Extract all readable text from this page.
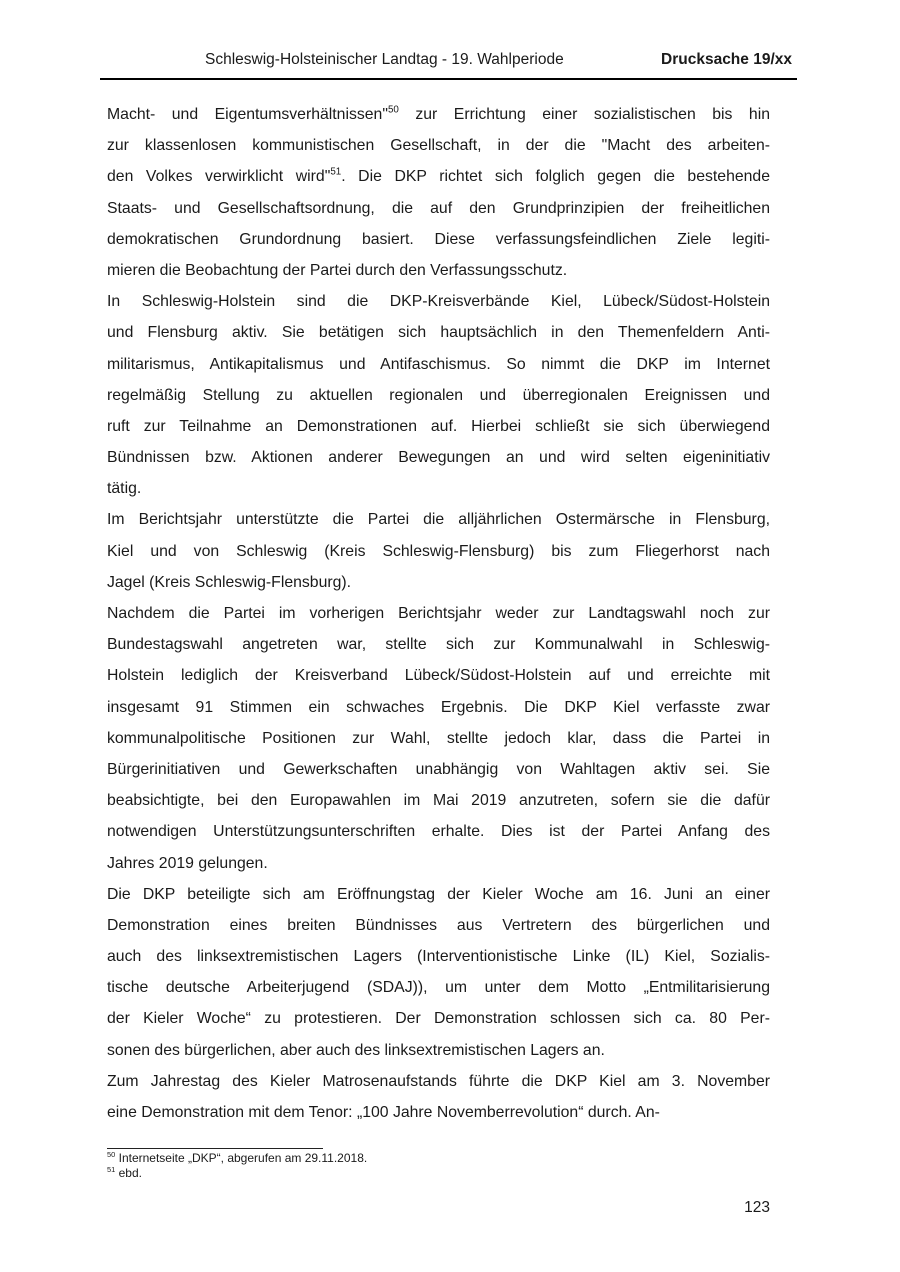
Schleswig-Holsteinischer Landtag - 19. Wahlperiode	Drucksache 19/xx
Macht- und Eigentumsverhältnissen"$^{50}$ zur Errichtung einer sozialistischen bis hin
zur klassenlosen kommunistischen Gesellschaft, in der die "Macht des arbeiten-
den Volkes verwirklicht wird"$^{51}$. Die DKP richtet sich folglich gegen die bestehende
Staats- und Gesellschaftsordnung, die auf den Grundprinzipien der freiheitlichen
demokratischen Grundordnung basiert. Diese verfassungsfeindlichen Ziele legiti-
mieren die Beobachtung der Partei durch den Verfassungsschutz.
In Schleswig-Holstein sind die DKP-Kreisverbände Kiel, Lübeck/Südost-Holstein
und Flensburg aktiv. Sie betätigen sich hauptsächlich in den Themenfeldern Anti-
militarismus, Antikapitalismus und Antifaschismus. So nimmt die DKP im Internet
regelmäßig Stellung zu aktuellen regionalen und überregionalen Ereignissen und
ruft zur Teilnahme an Demonstrationen auf. Hierbei schließt sie sich überwiegend
Bündnissen bzw. Aktionen anderer Bewegungen an und wird selten eigeninitiativ
tätig.
Im Berichtsjahr unterstützte die Partei die alljährlichen Ostermärsche in Flensburg,
Kiel und von Schleswig (Kreis Schleswig-Flensburg) bis zum Fliegerhorst nach
Jagel (Kreis Schleswig-Flensburg).
Nachdem die Partei im vorherigen Berichtsjahr weder zur Landtagswahl noch zur
Bundestagswahl angetreten war, stellte sich zur Kommunalwahl in Schleswig-
Holstein lediglich der Kreisverband Lübeck/Südost-Holstein auf und erreichte mit
insgesamt 91 Stimmen ein schwaches Ergebnis. Die DKP Kiel verfasste zwar
kommunalpolitische Positionen zur Wahl, stellte jedoch klar, dass die Partei in
Bürgerinitiativen und Gewerkschaften unabhängig von Wahltagen aktiv sei. Sie
beabsichtigte, bei den Europawahlen im Mai 2019 anzutreten, sofern sie die dafür
notwendigen Unterstützungsunterschriften erhalte. Dies ist der Partei Anfang des
Jahres 2019 gelungen.
Die DKP beteiligte sich am Eröffnungstag der Kieler Woche am 16. Juni an einer
Demonstration eines breiten Bündnisses aus Vertretern des bürgerlichen und
auch des linksextremistischen Lagers (Interventionistische Linke (IL) Kiel, Sozialis-
tische deutsche Arbeiterjugend (SDAJ)), um unter dem Motto „Entmilitarisierung
der Kieler Woche“ zu protestieren. Der Demonstration schlossen sich ca. 80 Per-
sonen des bürgerlichen, aber auch des linksextremistischen Lagers an.
Zum Jahrestag des Kieler Matrosenaufstands führte die DKP Kiel am 3. November
eine Demonstration mit dem Tenor: „100 Jahre Novemberrevolution“ durch. An-
$^{50}$ Internetseite „DKP“, abgerufen am 29.11.2018.
$^{51}$ ebd.
123
